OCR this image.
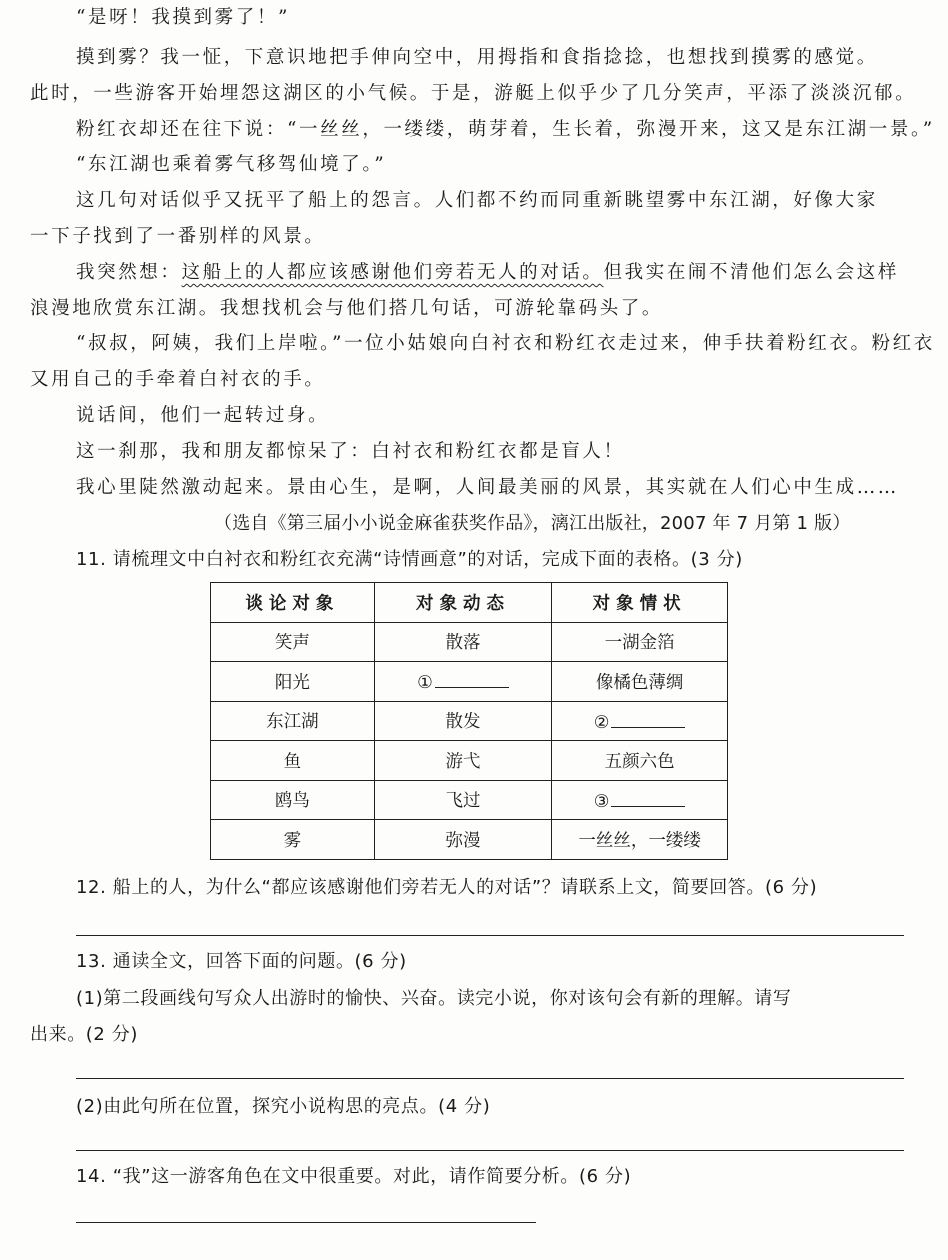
“是呀！我摸到雾了！”
摸到雾？我一怔，下意识地把手伸向空中，用拇指和食指捻捻，也想找到摸雾的感觉。
此时，一些游客开始埋怨这湖区的小气候。于是，游艇上似乎少了几分笑声，平添了淡淡沉郁。
粉红衣却还在往下说：“一丝丝，一缕缕，萌芽着，生长着，弥漫开来，这又是东江湖一景。”
“东江湖也乘着雾气移驾仙境了。”
这几句对话似乎又抚平了船上的怨言。人们都不约而同重新眺望雾中东江湖，好像大家
一下子找到了一番别样的风景。
我突然想：这船上的人都应该感谢他们旁若无人的对话。但我实在闹不清他们怎么会这样
浪漫地欣赏东江湖。我想找机会与他们搭几句话，可游轮靠码头了。
“叔叔，阿姨，我们上岸啦。”一位小姑娘向白衬衣和粉红衣走过来，伸手扶着粉红衣。粉红衣
又用自己的手牵着白衬衣的手。
说话间，他们一起转过身。
这一刹那，我和朋友都惊呆了：白衬衣和粉红衣都是盲人！
我心里陡然激动起来。景由心生，是啊，人间最美丽的风景，其实就在人们心中生成……
（选自《第三届小小说金麻雀获奖作品》，漓江出版社，2007 年 7 月第 1 版）
11. 请梳理文中白衬衣和粉红衣充满“诗情画意”的对话，完成下面的表格。(3 分)
谈论对象	对象动态	对象情状
笑声	散落	一湖金箔
阳光	①	像橘色薄绸
东江湖	散发	②
鱼	游弋	五颜六色
鸥鸟	飞过	③
雾	弥漫	一丝丝，一缕缕
12. 船上的人，为什么“都应该感谢他们旁若无人的对话”？请联系上文，简要回答。(6 分)
13. 通读全文，回答下面的问题。(6 分)
(1)第二段画线句写众人出游时的愉快、兴奋。读完小说，你对该句会有新的理解。请写
出来。(2 分)
(2)由此句所在位置，探究小说构思的亮点。(4 分)
14. “我”这一游客角色在文中很重要。对此，请作简要分析。(6 分)
